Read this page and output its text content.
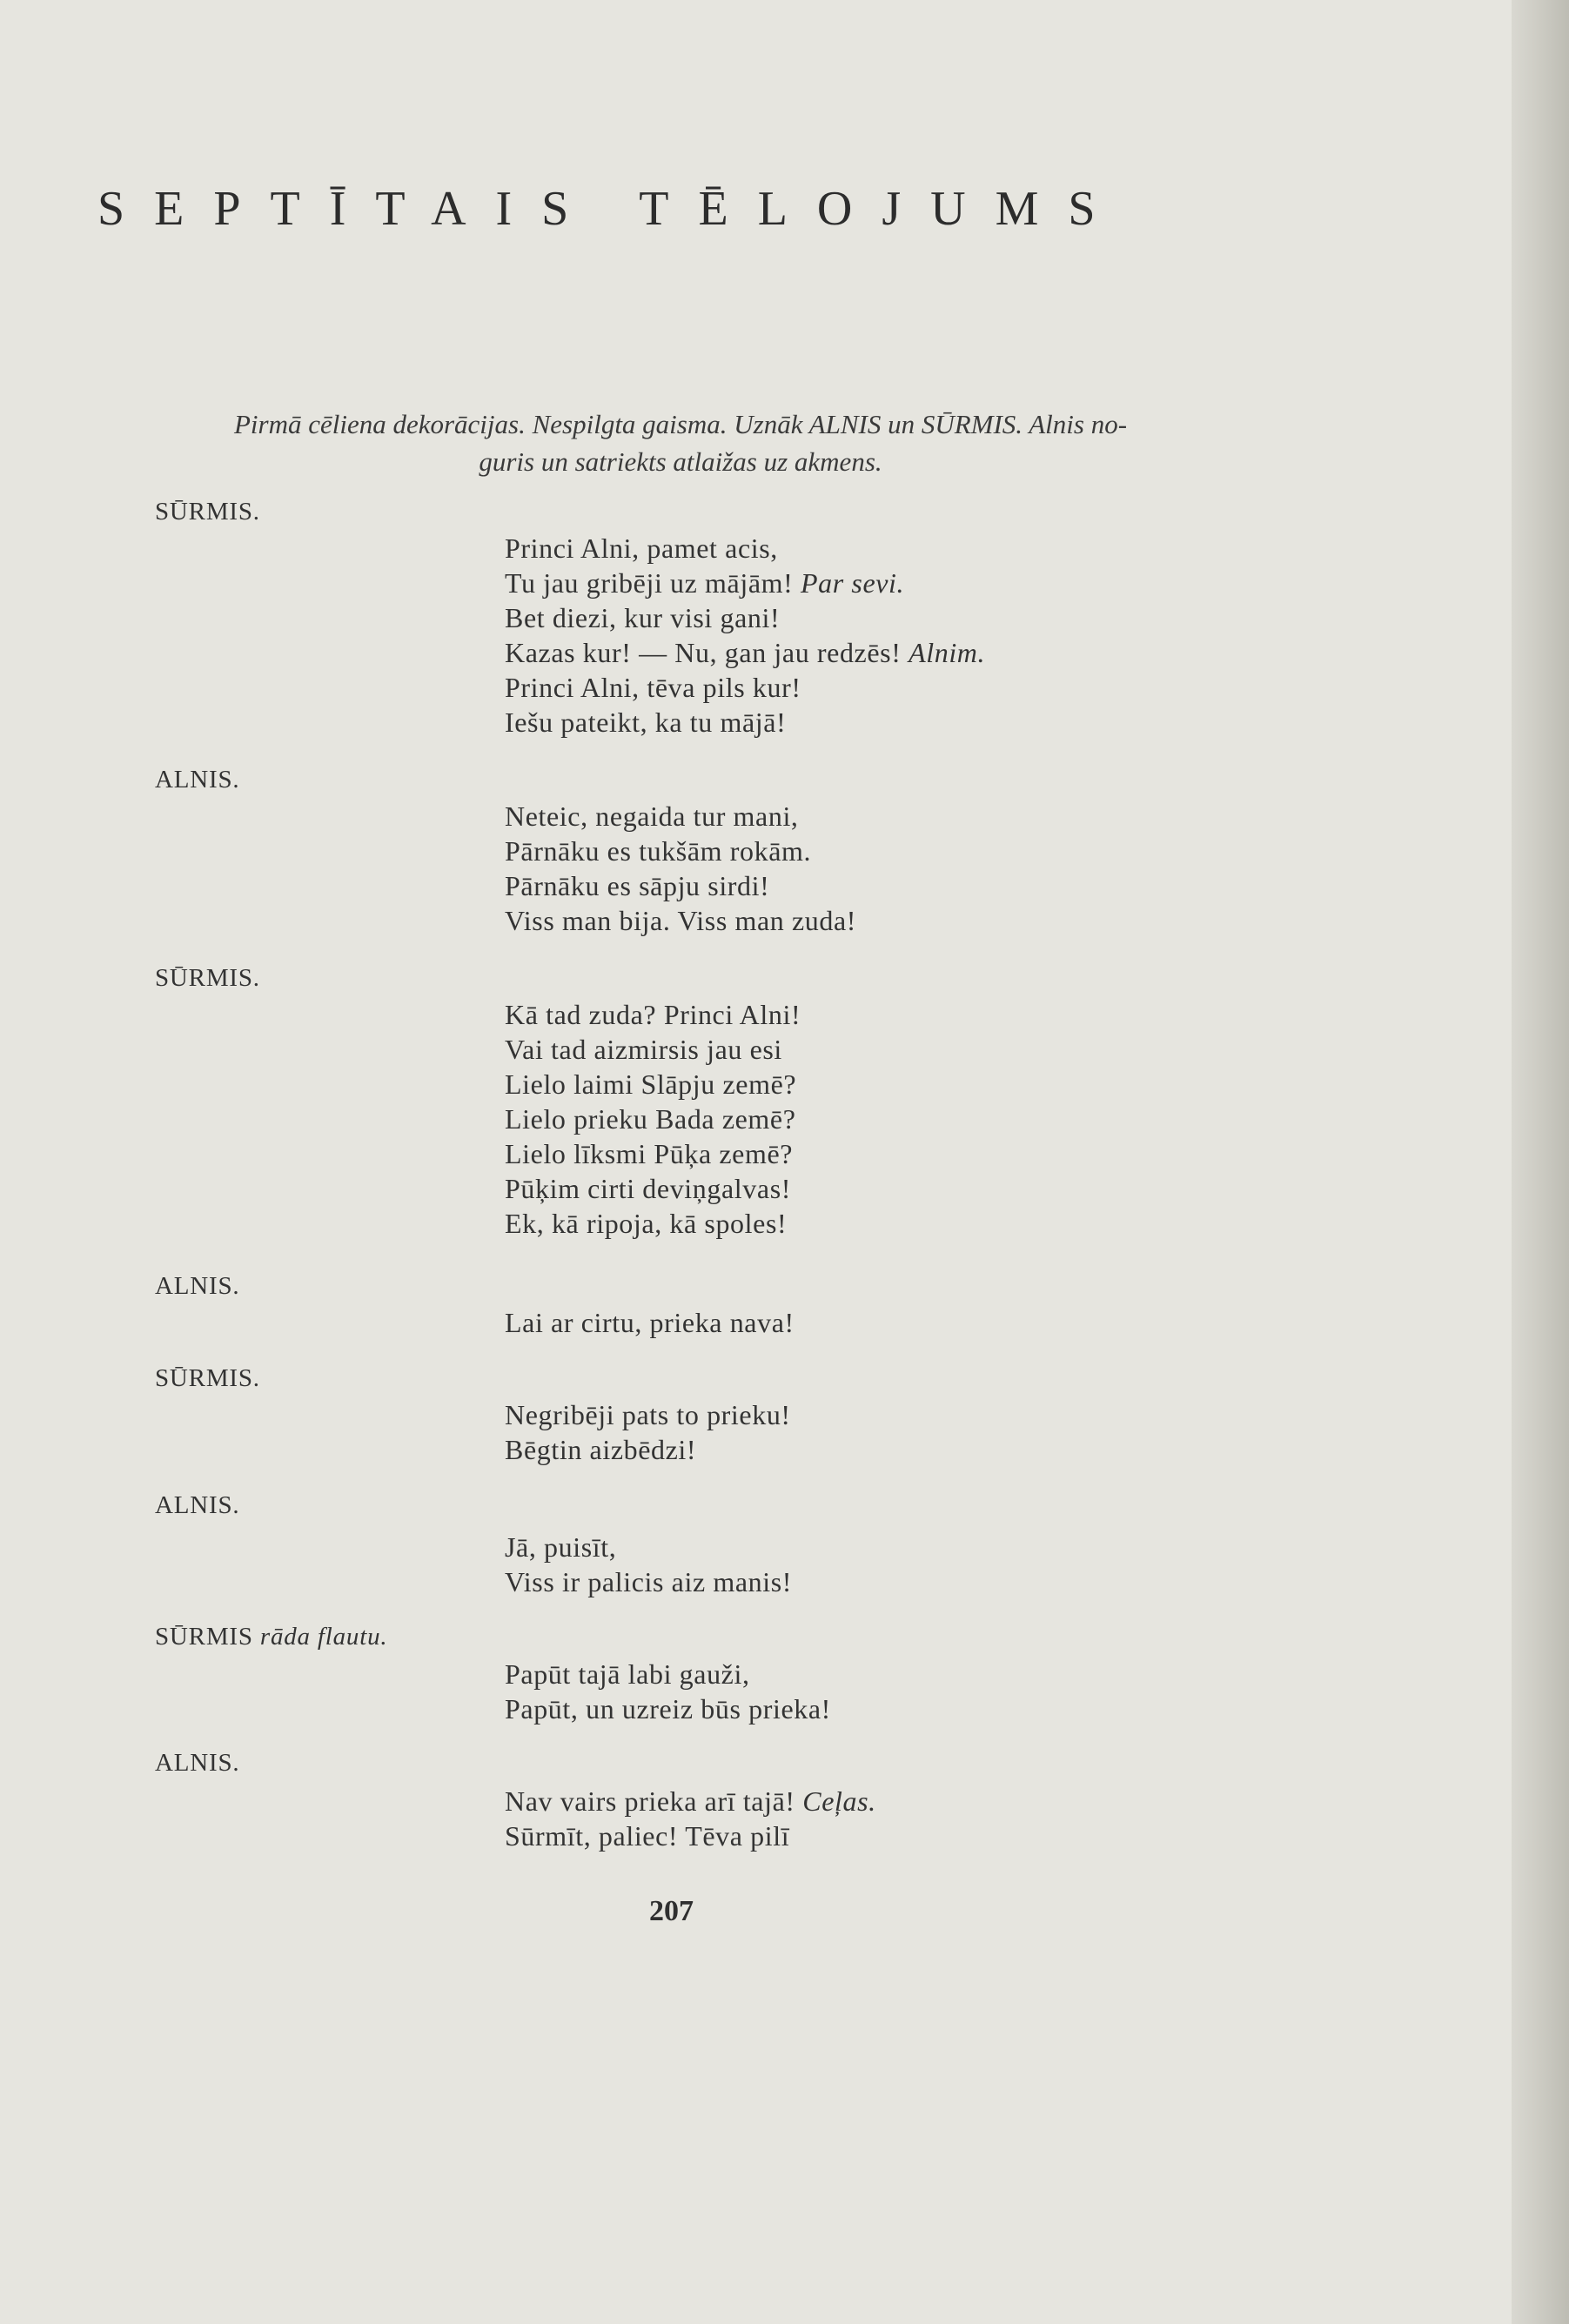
SEPTĪTAIS TĒLOJUMS
Pirmā cēliena dekorācijas. Nespilgta gaisma. Uznāk ALNIS un SŪRMIS. Alnis no-
guris un satriekts atlaižas uz akmens.
SŪRMIS.
Princi Alni, pamet acis,
Tu jau gribēji uz mājām! Par sevi.
Bet diezi, kur visi gani!
Kazas kur! — Nu, gan jau redzēs! Alnim.
Princi Alni, tēva pils kur!
Iešu pateikt, ka tu mājā!
ALNIS.
Neteic, negaida tur mani,
Pārnāku es tukšām rokām.
Pārnāku es sāpju sirdi!
Viss man bija. Viss man zuda!
SŪRMIS.
Kā tad zuda? Princi Alni!
Vai tad aizmirsis jau esi
Lielo laimi Slāpju zemē?
Lielo prieku Bada zemē?
Lielo līksmi Pūķa zemē?
Pūķim cirti deviņgalvas!
Ek, kā ripoja, kā spoles!
ALNIS.
Lai ar cirtu, prieka nava!
SŪRMIS.
Negribēji pats to prieku!
Bēgtin aizbēdzi!
ALNIS.
Jā, puisīt,
Viss ir palicis aiz manis!
SŪRMIS rāda flautu.
Papūt tajā labi gauži,
Papūt, un uzreiz būs prieka!
ALNIS.
Nav vairs prieka arī tajā! Ceļas.
Sūrmīt, paliec! Tēva pilī
207
